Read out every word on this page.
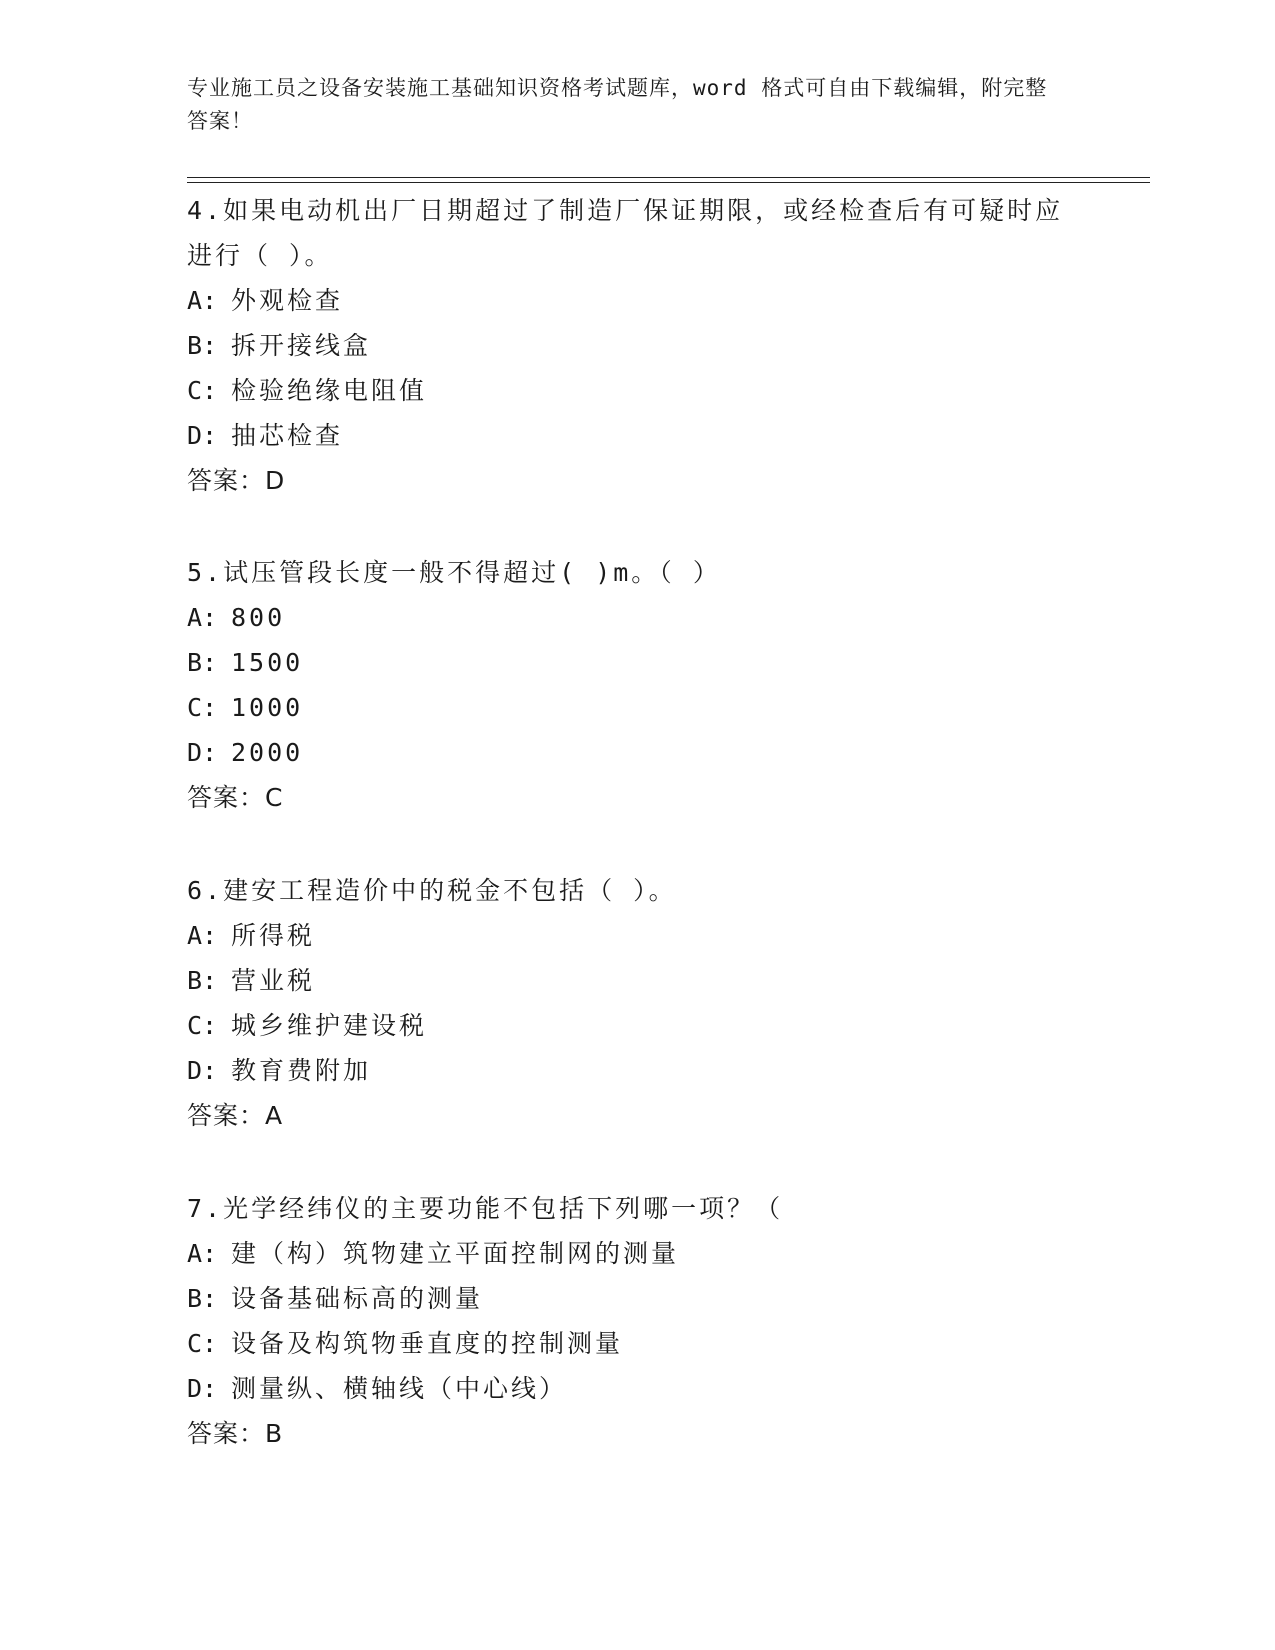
专业施工员之设备安装施工基础知识资格考试题库，word 格式可自由下载编辑，附完整答案！
4.如果电动机出厂日期超过了制造厂保证期限，或经检查后有可疑时应进行（ ）。
A: 外观检查
B: 拆开接线盒
C: 检验绝缘电阻值
D: 抽芯检查
答案：D
5.试压管段长度一般不得超过( )m。（ ）
A: 800
B: 1500
C: 1000
D: 2000
答案：C
6.建安工程造价中的税金不包括（ ）。
A: 所得税
B: 营业税
C: 城乡维护建设税
D: 教育费附加
答案：A
7.光学经纬仪的主要功能不包括下列哪一项？（
A: 建（构）筑物建立平面控制网的测量
B: 设备基础标高的测量
C: 设备及构筑物垂直度的控制测量
D: 测量纵、横轴线（中心线）
答案：B
